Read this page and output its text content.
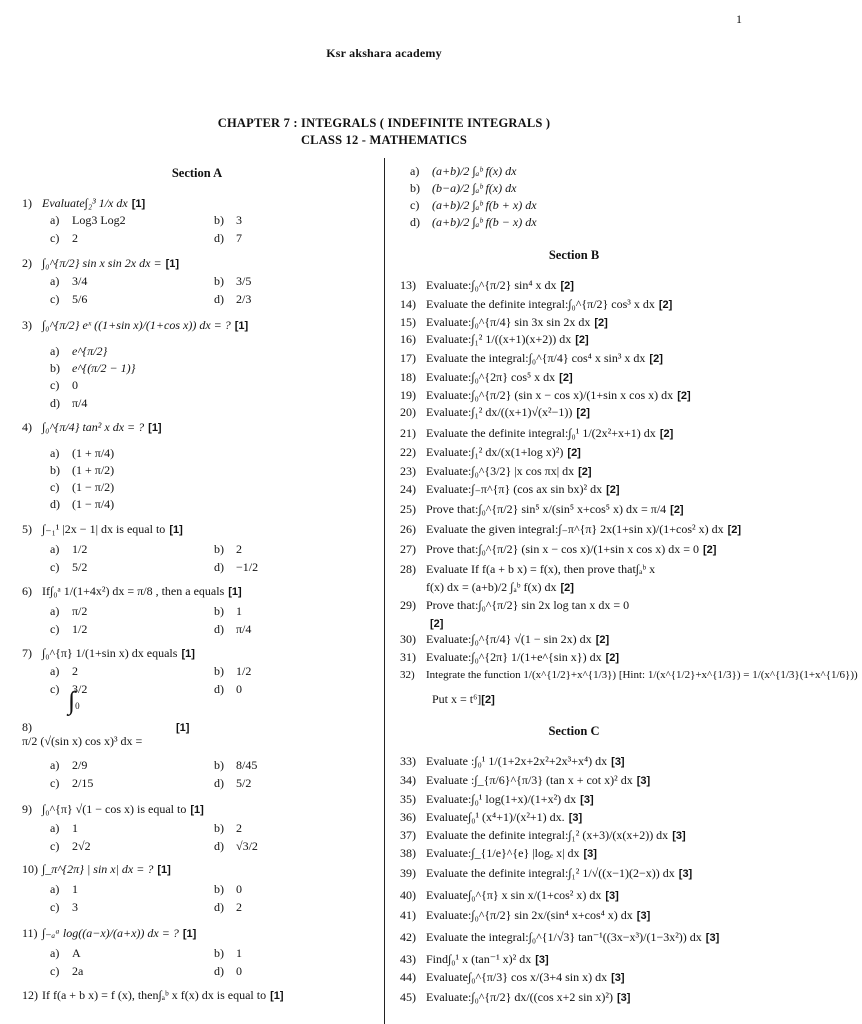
1
Ksr akshara academy
CHAPTER 7 : INTEGRALS ( INDEFINITE INTEGRALS )
CLASS 12 - MATHEMATICS
Section A
1) Evaluate∫₂³ 1/x dx [1]
a) Log3 Log2	b) 3
c) 2	d) 7
2) ∫₀^{π/2} sin x sin 2x dx = [1]
a) 3/4	b) 3/5
c) 5/6	d) 2/3
3) ∫₀^{π/2} eˣ ((1+sin x)/(1+cos x)) dx = ? [1]
a) e^{π/2}
b) e^{(π/2 − 1)}
c) 0
d) π/4
4) ∫₀^{π/4} tan² x dx = ? [1]
a) (1 + π/4)
b) (1 + π/2)
c) (1 − π/2)
d) (1 − π/4)
5) ∫₋₁¹ |2x − 1| dx is equal to [1]
a) 1/2	b) 2
c) 5/2	d) −1/2
6) If∫₀ᵃ 1/(1+4x²) dx = π/8 , then a equals [1]
a) π/2	b) 1
c) 1/2	d) π/4
7) ∫₀^{π} 1/(1+sin x) dx equals [1]
a) 2	b) 1/2
c) 3/2	d) 0
∫0
8)	[1]
π/2 (√(sin x) cos x)³ dx =
a) 2/9	b) 8/45
c) 2/15	d) 5/2
9) ∫₀^{π} √(1 − cos x) is equal to [1]
a) 1	b) 2
c) 2√2	d) √3/2
10) ∫_π^{2π} | sin x| dx = ? [1]
a) 1	b) 0
c) 3	d) 2
11) ∫₋ₐᵃ log((a−x)/(a+x)) dx = ? [1]
a) A	b) 1
c) 2a	d) 0
12) If f(a + b x) = f (x), then∫ₐᵇ x f(x) dx is equal to [1]
a) (a+b)/2 ∫ₐᵇ f(x) dx
b) (b−a)/2 ∫ₐᵇ f(x) dx
c) (a+b)/2 ∫ₐᵇ f(b + x) dx
d) (a+b)/2 ∫ₐᵇ f(b − x) dx
Section B
13) Evaluate:∫₀^{π/2} sin⁴ x dx [2]
14) Evaluate the definite integral:∫₀^{π/2} cos³ x dx [2]
15) Evaluate:∫₀^{π/4} sin 3x sin 2x dx [2]
16) Evaluate:∫₁² 1/((x+1)(x+2)) dx [2]
17) Evaluate the integral:∫₀^{π/4} cos⁴ x sin³ x dx [2]
18) Evaluate:∫₀^{2π} cos⁵ x dx [2]
19) Evaluate:∫₀^{π/2} (sin x − cos x)/(1+sin x cos x) dx [2]
20) Evaluate:∫₁² dx/((x+1)√(x²−1)) [2]
21) Evaluate the definite integral:∫₀¹ 1/(2x²+x+1) dx [2]
22) Evaluate:∫₁² dx/(x(1+log x)²) [2]
23) Evaluate:∫₀^{3/2} |x cos πx| dx [2]
24) Evaluate:∫₋π^{π} (cos ax sin bx)² dx [2]
25) Prove that:∫₀^{π/2} sin⁵ x/(sin⁵ x+cos⁵ x) dx = π/4 [2]
26) Evaluate the given integral:∫₋π^{π} 2x(1+sin x)/(1+cos² x) dx [2]
27) Prove that:∫₀^{π/2} (sin x − cos x)/(1+sin x cos x) dx = 0 [2]
28) Evaluate If f(a + b x) = f(x), then prove that∫ₐᵇ x
f(x) dx = (a+b)/2 ∫ₐᵇ f(x) dx [2]
29) Prove that:∫₀^{π/2} sin 2x log tan x dx = 0
[2]
30) Evaluate:∫₀^{π/4} √(1 − sin 2x) dx [2]
31) Evaluate:∫₀^{2π} 1/(1+e^{sin x}) dx [2]
32) Integrate the function 1/(x^{1/2}+x^{1/3}) [Hint: 1/(x^{1/2}+x^{1/3}) = 1/(x^{1/3}(1+x^{1/6}))
Put x = t⁶][2]
Section C
33) Evaluate :∫₀¹ 1/(1+2x+2x²+2x³+x⁴) dx [3]
34) Evaluate :∫_{π/6}^{π/3} (tan x + cot x)² dx [3]
35) Evaluate:∫₀¹ log(1+x)/(1+x²) dx [3]
36) Evaluate∫₀¹ (x⁴+1)/(x²+1) dx. [3]
37) Evaluate the definite integral:∫₁² (x+3)/(x(x+2)) dx [3]
38) Evaluate:∫_{1/e}^{e} |logₑ x| dx [3]
39) Evaluate the definite integral:∫₁² 1/√((x−1)(2−x)) dx [3]
40) Evaluate∫₀^{π} x sin x/(1+cos² x) dx [3]
41) Evaluate:∫₀^{π/2} sin 2x/(sin⁴ x+cos⁴ x) dx [3]
42) Evaluate the integral:∫₀^{1/√3} tan⁻¹((3x−x³)/(1−3x²)) dx [3]
43) Find∫₀¹ x (tan⁻¹ x)² dx [3]
44) Evaluate∫₀^{π/3} cos x/(3+4 sin x) dx [3]
45) Evaluate:∫₀^{π/2} dx/((cos x+2 sin x)²) [3]
